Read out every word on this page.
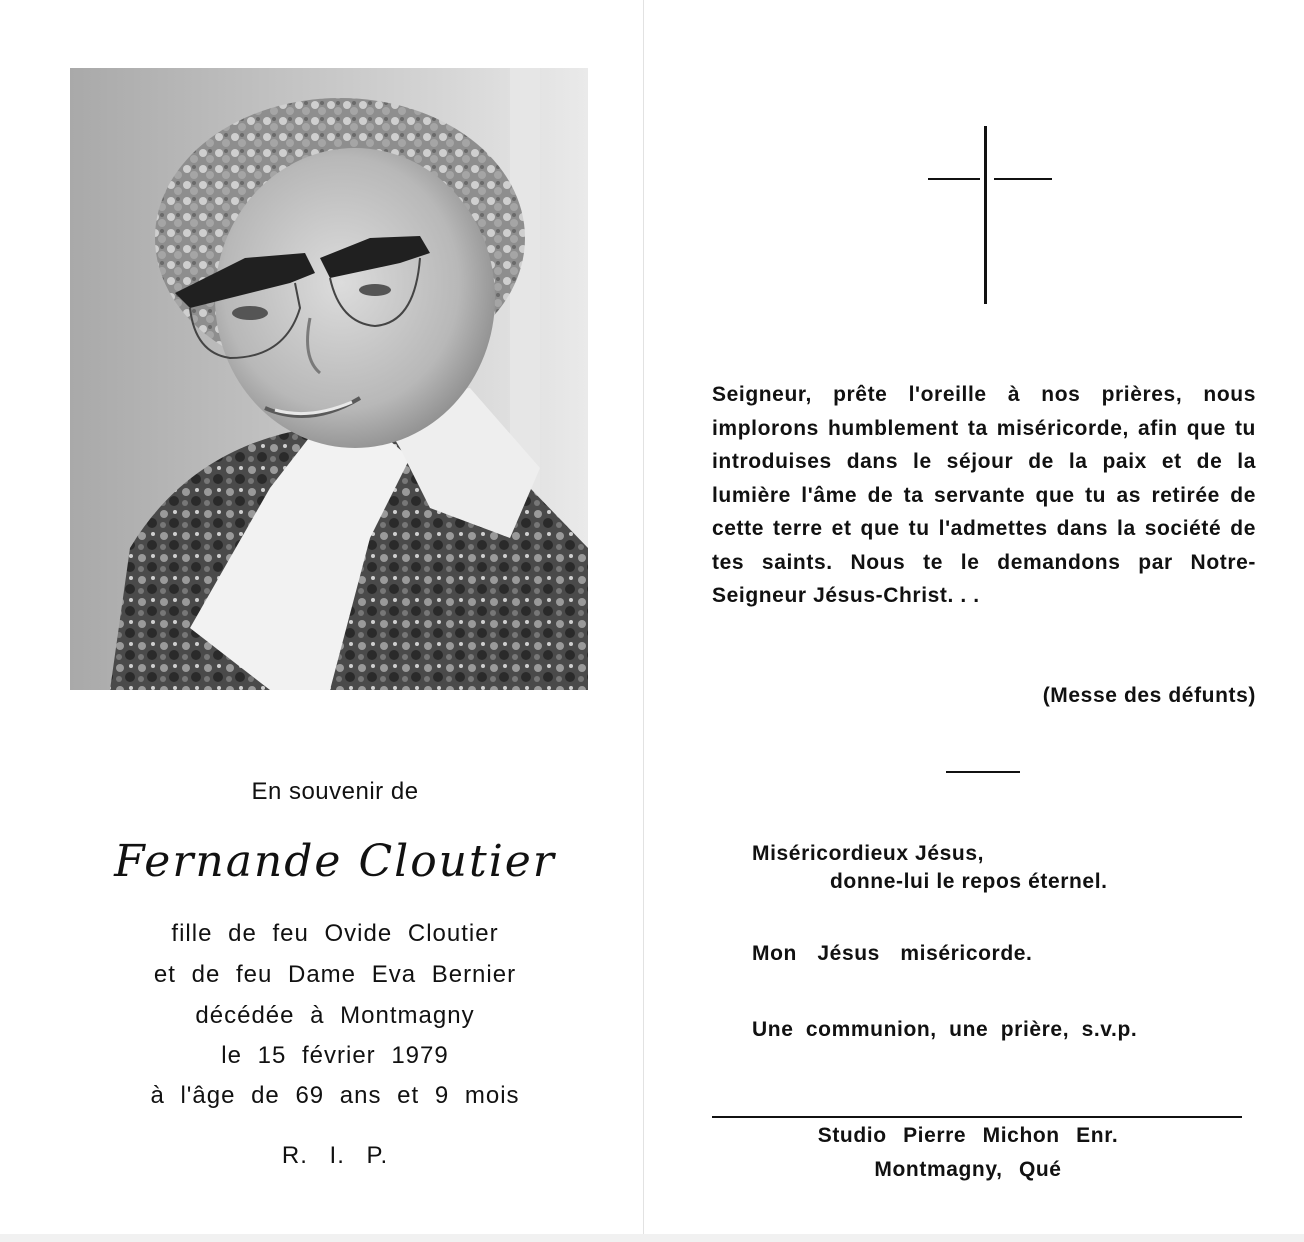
En souvenir de
Fernande Cloutier
fille de feu Ovide Cloutier
et de feu Dame Eva Bernier
décédée à Montmagny
le 15 février 1979
à l'âge de 69 ans et 9 mois
R. I. P.
Seigneur, prête l'oreille à nos prières, nous implorons humblement ta miséricorde, afin que tu introduises dans le séjour de la paix et de la lumière l'âme de ta servante que tu as retirée de cette terre et que tu l'admettes dans la société de tes saints. Nous te le demandons par Notre-Seigneur Jésus-Christ. . .
(Messe des défunts)
Miséricordieux Jésus,
donne-lui le repos éternel.
Mon Jésus miséricorde.
Une communion, une prière, s.v.p.
Studio Pierre Michon Enr.
Montmagny, Qué
